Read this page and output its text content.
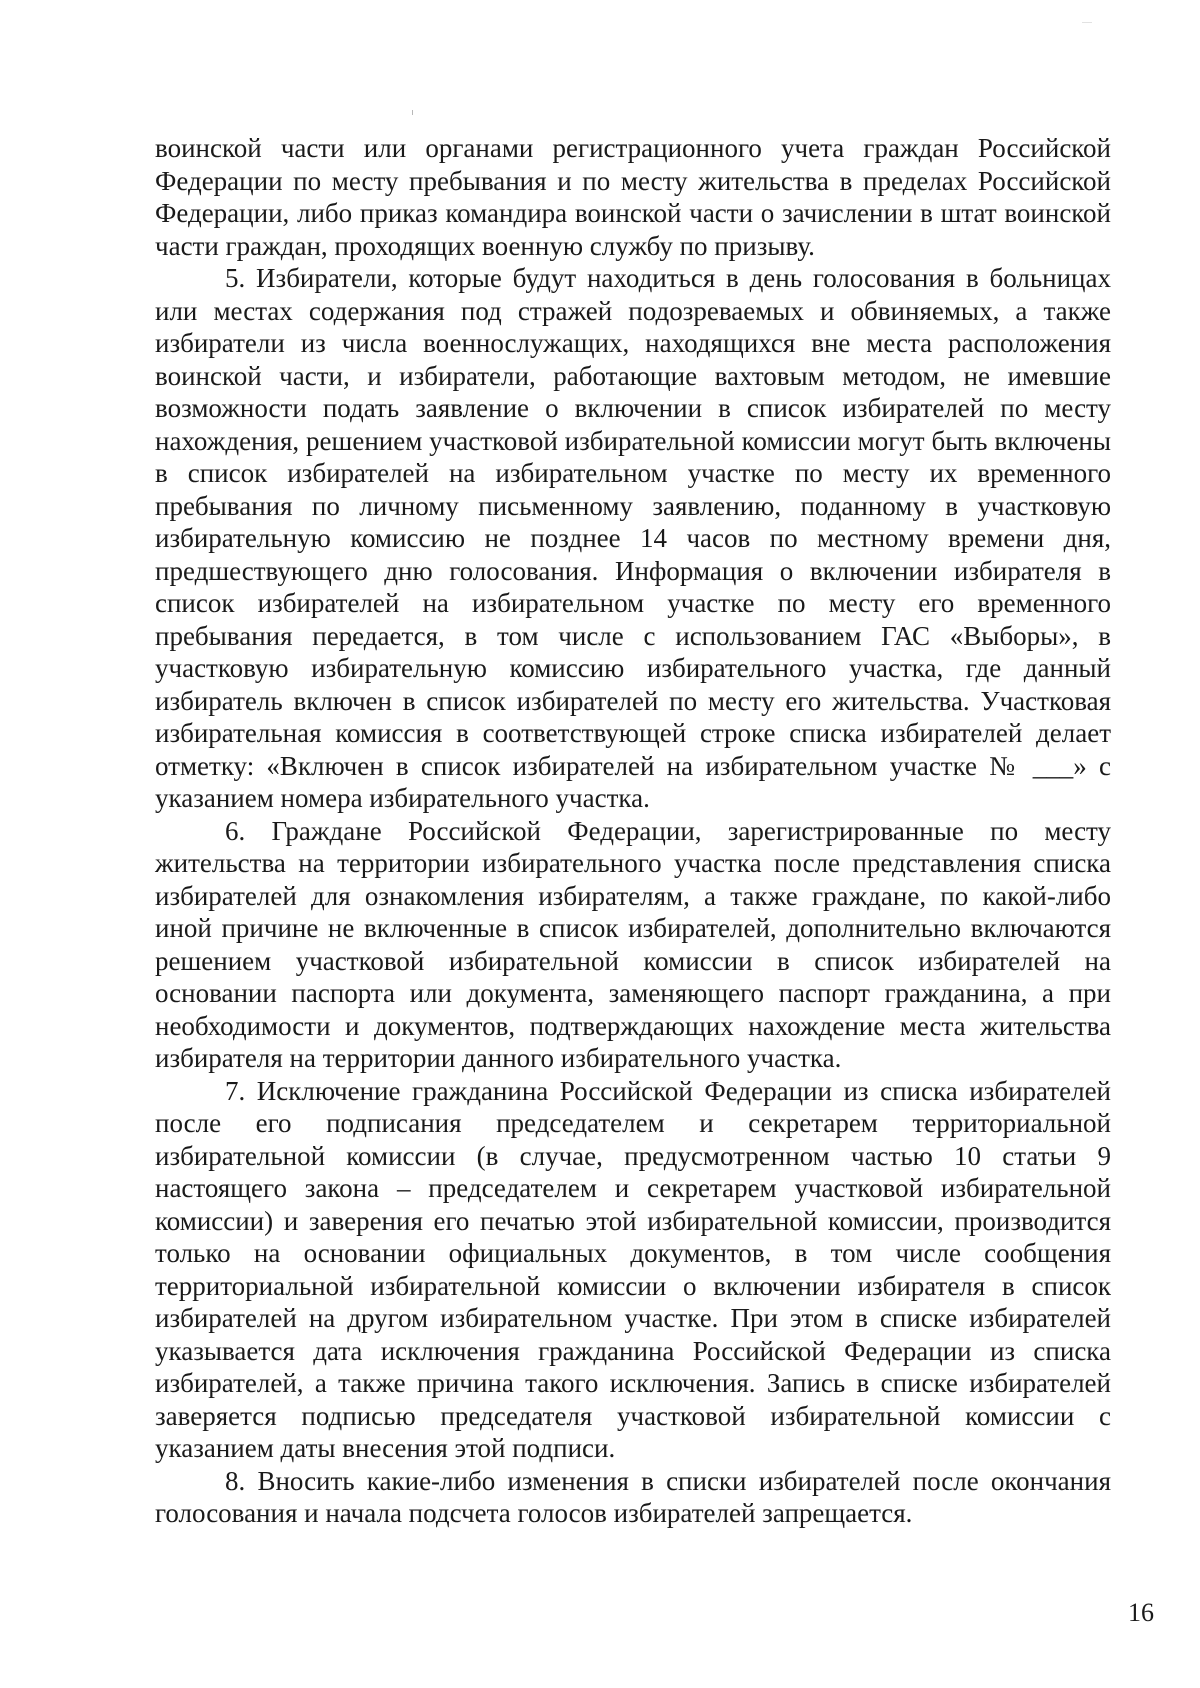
воинской части или органами регистрационного учета граждан Российской Федерации по месту пребывания и по месту жительства в пределах Российской Федерации, либо приказ командира воинской части о зачислении в штат воинской части граждан, проходящих военную службу по призыву.

5. Избиратели, которые будут находиться в день голосования в больницах или местах содержания под стражей подозреваемых и обвиняемых, а также избиратели из числа военнослужащих, находящихся вне места расположения воинской части, и избиратели, работающие вахтовым методом, не имевшие возможности подать заявление о включении в список избирателей по месту нахождения, решением участковой избирательной комиссии могут быть включены в список избирателей на избирательном участке по месту их временного пребывания по личному письменному заявлению, поданному в участковую избирательную комиссию не позднее 14 часов по местному времени дня, предшествующего дню голосования. Информация о включении избирателя в список избирателей на избирательном участке по месту его временного пребывания передается, в том числе с использованием ГАС «Выборы», в участковую избирательную комиссию избирательного участка, где данный избиратель включен в список избирателей по месту его жительства. Участковая избирательная комиссия в соответствующей строке списка избирателей делает отметку: «Включен в список избирателей на избирательном участке № ___» с указанием номера избирательного участка.

6. Граждане Российской Федерации, зарегистрированные по месту жительства на территории избирательного участка после представления списка избирателей для ознакомления избирателям, а также граждане, по какой-либо иной причине не включенные в список избирателей, дополнительно включаются решением участковой избирательной комиссии в список избирателей на основании паспорта или документа, заменяющего паспорт гражданина, а при необходимости и документов, подтверждающих нахождение места жительства избирателя на территории данного избирательного участка.

7. Исключение гражданина Российской Федерации из списка избирателей после его подписания председателем и секретарем территориальной избирательной комиссии (в случае, предусмотренном частью 10 статьи 9 настоящего закона – председателем и секретарем участковой избирательной комиссии) и заверения его печатью этой избирательной комиссии, производится только на основании официальных документов, в том числе сообщения территориальной избирательной комиссии о включении избирателя в список избирателей на другом избирательном участке. При этом в списке избирателей указывается дата исключения гражданина Российской Федерации из списка избирателей, а также причина такого исключения. Запись в списке избирателей заверяется подписью председателя участковой избирательной комиссии с указанием даты внесения этой подписи.

8. Вносить какие-либо изменения в списки избирателей после окончания голосования и начала подсчета голосов избирателей запрещается.

16
